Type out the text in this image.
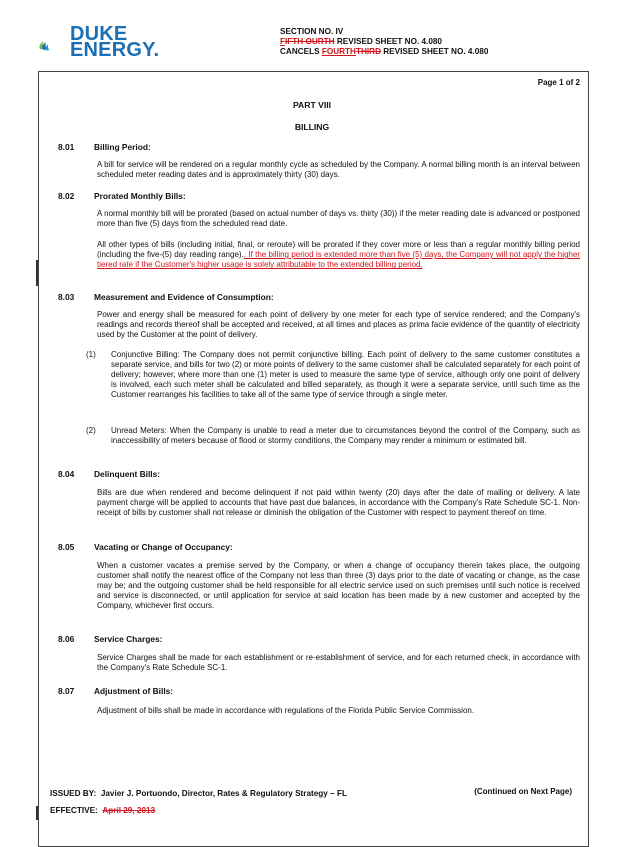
DUKE
ENERGY.
SECTION NO. IV
FIFTH OURTH REVISED SHEET NO. 4.080
CANCELS FOURTHTHIRD REVISED SHEET NO. 4.080
Page 1 of 2
PART VIII
BILLING
8.01 Billing Period:
A bill for service will be rendered on a regular monthly cycle as scheduled by the Company. A normal billing month is an interval between scheduled meter reading dates and is approximately thirty (30) days.
8.02 Prorated Monthly Bills:
A normal monthly bill will be prorated (based on actual number of days vs. thirty (30)) if the meter reading date is advanced or postponed more than five (5) days from the scheduled read date.
All other types of bills (including initial, final, or reroute) will be prorated if they cover more or less than a regular monthly billing period (including the five-(5) day reading range).. If the billing period is extended more than five (5) days, the Company will not apply the higher tiered rate if the Customer's higher usage is solely attributable to the extended billing period.
8.03 Measurement and Evidence of Consumption:
Power and energy shall be measured for each point of delivery by one meter for each type of service rendered; and the Company's readings and records thereof shall be accepted and received, at all times and places as prima facie evidence of the quantity of electricity used by the Customer at the point of delivery.
(1) Conjunctive Billing: The Company does not permit conjunctive billing. Each point of delivery to the same customer constitutes a separate service, and bills for two (2) or more points of delivery to the same customer shall be calculated separately for each point of delivery; however, where more than one (1) meter is used to measure the same type of service, although only one point of delivery is involved, each such meter shall be calculated and billed separately, as though it were a separate service, until such time as the Customer rearranges his facilities to take all of the same type of service through a single meter.
(2) Unread Meters: When the Company is unable to read a meter due to circumstances beyond the control of the Company, such as inaccessibility of meters because of flood or stormy conditions, the Company may render a minimum or estimated bill.
8.04 Delinquent Bills:
Bills are due when rendered and become delinquent if not paid within twenty (20) days after the date of mailing or delivery. A late payment charge will be applied to accounts that have past due balances, in accordance with the Company's Rate Schedule SC-1. Non-receipt of bills by customer shall not release or diminish the obligation of the Customer with respect to payment thereof on time.
8.05 Vacating or Change of Occupancy:
When a customer vacates a premise served by the Company, or when a change of occupancy therein takes place, the outgoing customer shall notify the nearest office of the Company not less than three (3) days prior to the date of vacating or change, as the case may be; and the outgoing customer shall be held responsible for all electric service used on such premises until such notice is received and service is disconnected, or until application for service at said location has been made by a new customer and accepted by the Company, whichever first occurs.
8.06 Service Charges:
Service Charges shall be made for each establishment or re-establishment of service, and for each returned check, in accordance with the Company's Rate Schedule SC-1.
8.07 Adjustment of Bills:
Adjustment of bills shall be made in accordance with regulations of the Florida Public Service Commission.
(Continued on Next Page)
ISSUED BY: Javier J. Portuondo, Director, Rates & Regulatory Strategy – FL
EFFECTIVE: April 29, 2013
